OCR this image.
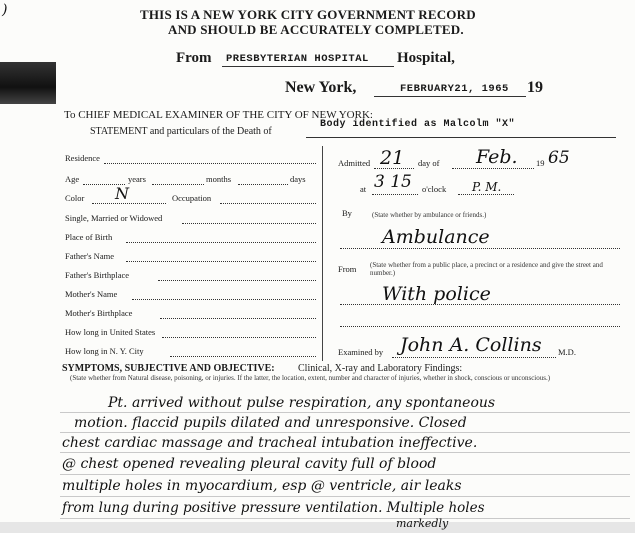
)	THIS IS A NEW YORK CITY GOVERNMENT RECORD
AND SHOULD BE ACCURATELY COMPLETED.
From PRESBYTERIAN HOSPITAL Hospital,
New York,	FEBRUARY21, 1965 19
To CHIEF MEDICAL EXAMINER OF THE CITY OF NEW YORK:
STATEMENT and particulars of the Death of
Body identified as Malcolm "X"
Residence
Age	years	months	days
Color N	Occupation
Single, Married or Widowed
Place of Birth
Father's Name
Father's Birthplace
Mother's Name
Mother's Birthplace
How long in United States
How long in N. Y. City
Admitted 21 day of Feb. 19 65
at 3 15 o'clock P. M.
By	(State whether by ambulance or friends.)
Ambulance
From (State whether from a public place, a precinct or a residence and give the street and number.)
With police
Examined by John A. Collins M.D.
SYMPTOMS, SUBJECTIVE AND OBJECTIVE: Clinical, X-ray and Laboratory Findings:
(State whether from Natural disease, poisoning, or injuries. If the latter, the location, extent, number and character of injuries, whether in shock, conscious or unconscious.)
Pt. arrived without pulse respiration, any spontaneous
motion. flaccid pupils dilated and unresponsive. Closed
chest cardiac massage and tracheal intubation ineffective.
@ chest opened revealing pleural cavity full of blood
multiple holes in myocardium, esp @ ventricle, air leaks
from lung during positive pressure ventilation. Multiple holes
markedly
